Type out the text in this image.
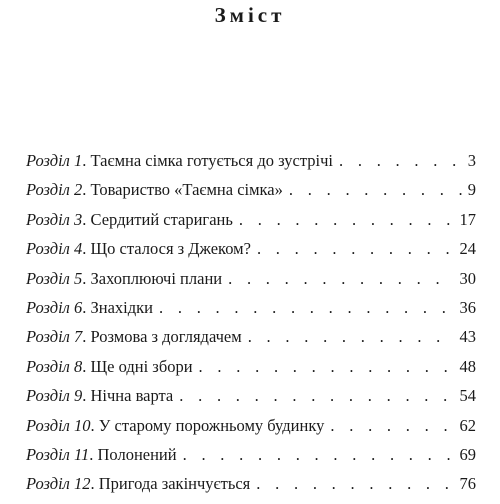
Зміст
Розділ 1. Таємна сімка готується до зустрічі . . .	3
Розділ 2. Товариство «Таємна сімка» . . .	9
Розділ 3. Сердитий старигань . . .	17
Розділ 4. Що сталося з Джеком? . . .	24
Розділ 5. Захоплюючі плани . . .	30
Розділ 6. Знахідки . . .	36
Розділ 7. Розмова з доглядачем . . .	43
Розділ 8. Ще одні збори . . .	48
Розділ 9. Нічна варта . . .	54
Розділ 10. У старому порожньому будинку . . .	62
Розділ 11. Полонений . . .	69
Розділ 12. Пригода закінчується . . .	76
